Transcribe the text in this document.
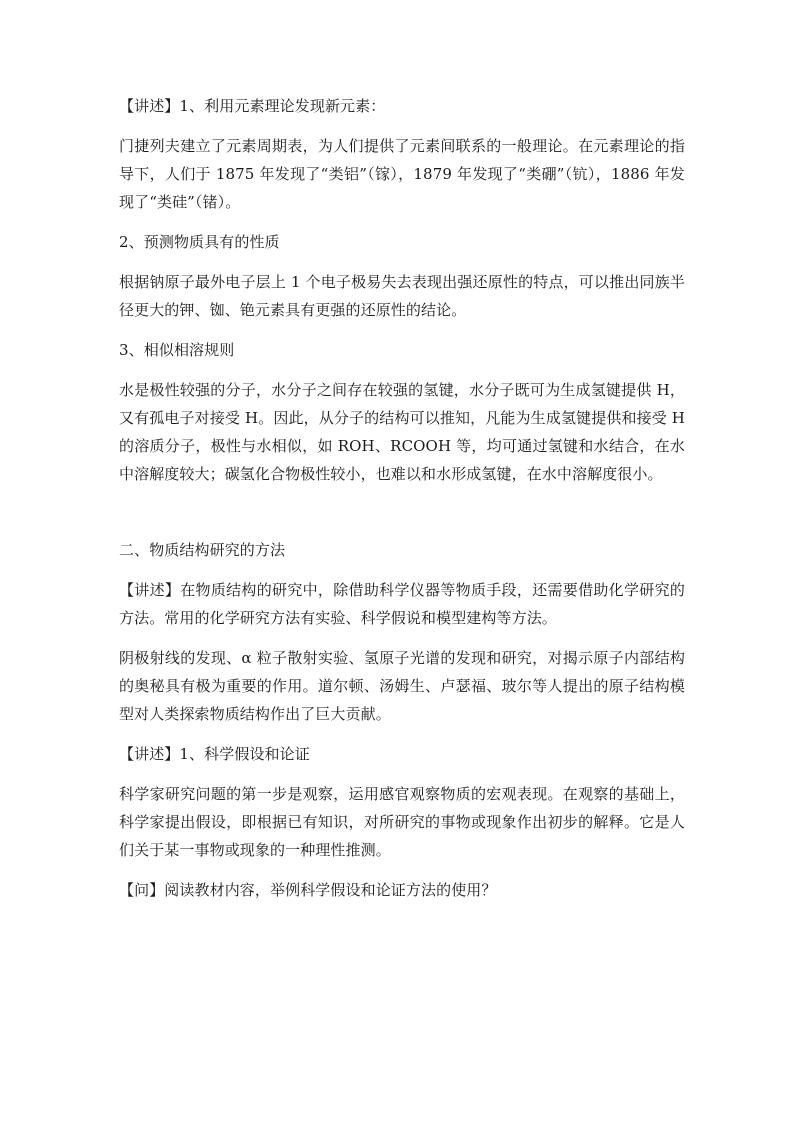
【讲述】1、利用元素理论发现新元素：

门捷列夫建立了元素周期表，为人们提供了元素间联系的一般理论。在元素理论的指导下，人们于 1875 年发现了“类铝”（镓），1879 年发现了“类硼”（钪），1886 年发现了“类硅”（锗）。

2、预测物质具有的性质

根据钠原子最外电子层上 1 个电子极易失去表现出强还原性的特点，可以推出同族半径更大的钾、铷、铯元素具有更强的还原性的结论。

3、相似相溶规则

水是极性较强的分子，水分子之间存在较强的氢键，水分子既可为生成氢键提供 H，又有孤电子对接受 H。因此，从分子的结构可以推知，凡能为生成氢键提供和接受 H 的溶质分子，极性与水相似，如 ROH、RCOOH 等，均可通过氢键和水结合，在水中溶解度较大；碳氢化合物极性较小，也难以和水形成氢键，在水中溶解度很小。

二、物质结构研究的方法

【讲述】在物质结构的研究中，除借助科学仪器等物质手段，还需要借助化学研究的方法。常用的化学研究方法有实验、科学假说和模型建构等方法。

阴极射线的发现、α 粒子散射实验、氢原子光谱的发现和研究，对揭示原子内部结构的奥秘具有极为重要的作用。道尔顿、汤姆生、卢瑟福、玻尔等人提出的原子结构模型对人类探索物质结构作出了巨大贡献。

【讲述】1、科学假设和论证

科学家研究问题的第一步是观察，运用感官观察物质的宏观表现。在观察的基础上，科学家提出假设，即根据已有知识，对所研究的事物或现象作出初步的解释。它是人们关于某一事物或现象的一种理性推测。

【问】阅读教材内容，举例科学假设和论证方法的使用？
